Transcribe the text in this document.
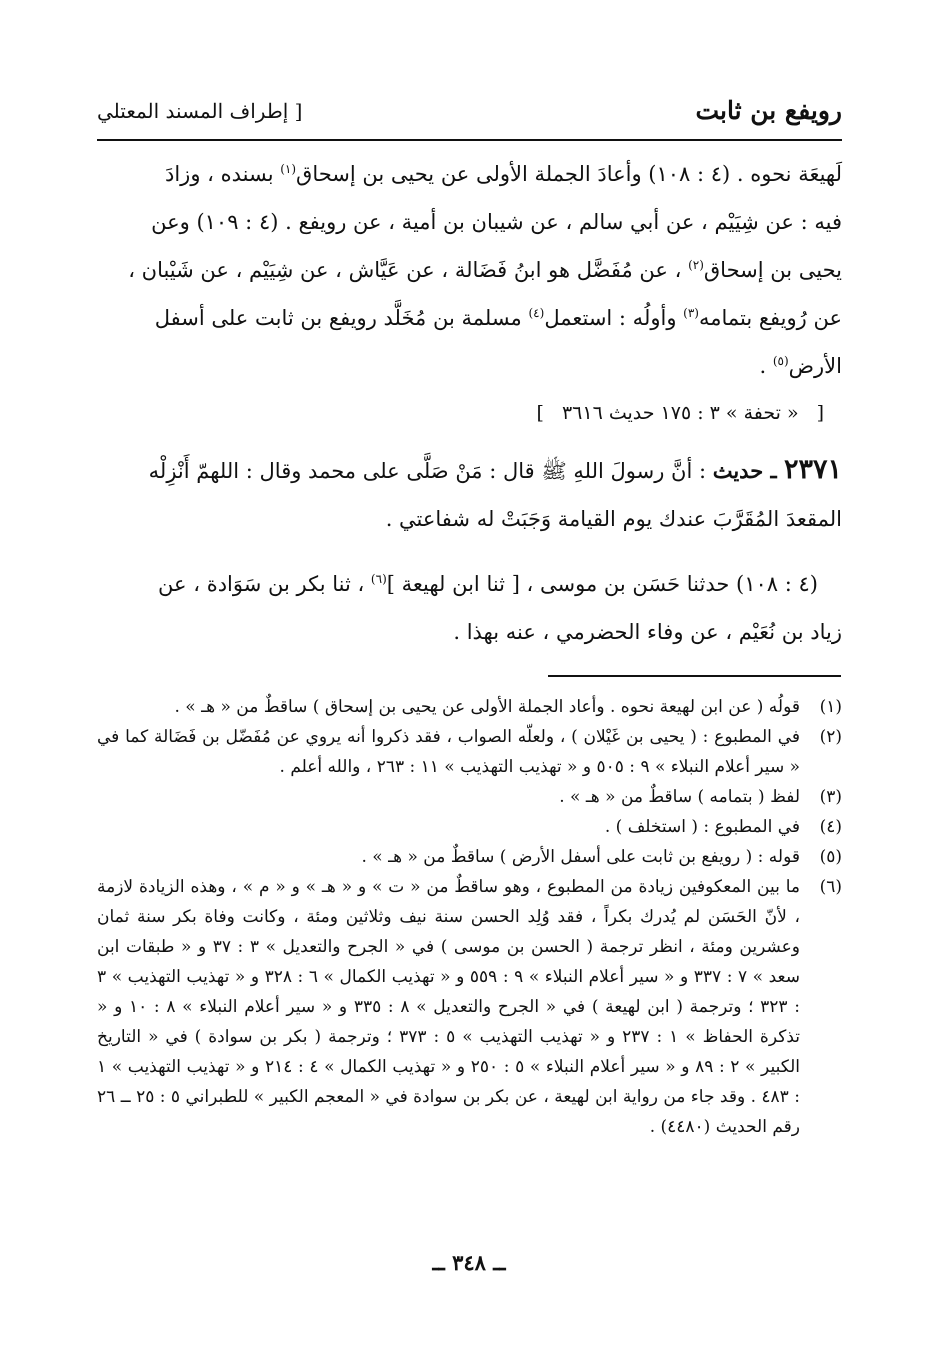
رويفع بن ثابت
[ إطراف المسند المعتلي

لَهيعَة نحوه . (٤ : ١٠٨) وأعادَ الجملة الأولى عن يحيى بن إسحاق$^{(١)}$ بسنده ، وزادَ

فيه : عن شِيَيْم ، عن أبي سالم ، عن شيبان بن أمية ، عن رويفع . (٤ : ١٠٩) وعن

يحيى بن إسحاق$^{(٢)}$ ، عن مُفَضَّل هو ابنُ فَضَالة ، عن عَيَّاش ، عن شِيَيْم ، عن شَيْبان ،

عن رُويفع بتمامه$^{(٣)}$ وأولُه : استعمل$^{(٤)}$ مسلمة بن مُخَلَّد رويفع بن ثابت على أسفل

الأرض$^{(٥)}$ .

[« تحفة » ٣ : ١٧٥ حديث ٣٦١٦]

٢٣٧١ ـ حديث : أنَّ رسولَ اللهِ ﷺ قال : مَنْ صَلَّى على محمد وقال : اللهمّ أَنْزِلْه

المقعدَ المُقَرَّبَ عندك يوم القيامة وَجَبَتْ له شفاعتي .

(٤ : ١٠٨) حدثنا حَسَن بن موسى ، [ ثنا ابن لهيعة ]$^{(٦)}$ ، ثنا بكر بن سَوَادة ، عن

زياد بن نُعَيْم ، عن وفاء الحضرمي ، عنه بهذا .

(١)
قولُه ( عن ابن لهيعة نحوه . وأعاد الجملة الأولى عن يحيى بن إسحاق ) ساقطٌ من « هـ » .
(٢)
في المطبوع : ( يحيى بن غَيْلان ) ، ولعلّه الصواب ، فقد ذكروا أنه يروي عن مُفَضّل بن فَضَالة كما في « سير أعلام النبلاء » ٩ : ٥٠٥ و « تهذيب التهذيب » ١١ : ٢٦٣ ، والله أعلم .
(٣)
لفظ ( بتمامه ) ساقطٌ من « هـ » .
(٤)
في المطبوع : ( استخلف ) .
(٥)
قوله : ( رويفع بن ثابت على أسفل الأرض ) ساقطٌ من « هـ » .
(٦)
ما بين المعكوفين زيادة من المطبوع ، وهو ساقطٌ من « ت » و « هـ » و « م » ، وهذه الزيادة لازمة ، لأنّ الحَسَن لم يُدرك بكراً ، فقد وُلِد الحسن سنة نيف وثلاثين ومئة ، وكانت وفاة بكر سنة ثمان وعشرين ومئة ، انظر ترجمة ( الحسن بن موسى ) في « الجرح والتعديل » ٣ : ٣٧ و « طبقات ابن سعد » ٧ : ٣٣٧ و « سير أعلام النبلاء » ٩ : ٥٥٩ و « تهذيب الكمال » ٦ : ٣٢٨ و « تهذيب التهذيب » ٣ : ٣٢٣ ؛ وترجمة ( ابن لهيعة ) في « الجرح والتعديل » ٨ : ٣٣٥ و « سير أعلام النبلاء » ٨ : ١٠ و « تذكرة الحفاظ » ١ : ٢٣٧ و « تهذيب التهذيب » ٥ : ٣٧٣ ؛ وترجمة ( بكر بن سوادة ) في « التاريخ الكبير » ٢ : ٨٩ و « سير أعلام النبلاء » ٥ : ٢٥٠ و « تهذيب الكمال » ٤ : ٢١٤ و « تهذيب التهذيب » ١ : ٤٨٣ . وقد جاء من رواية ابن لهيعة ، عن بكر بن سوادة في « المعجم الكبير » للطبراني ٥ : ٢٥ ــ ٢٦ رقم الحديث (٤٤٨٠) .
ــ ٣٤٨ ــ
